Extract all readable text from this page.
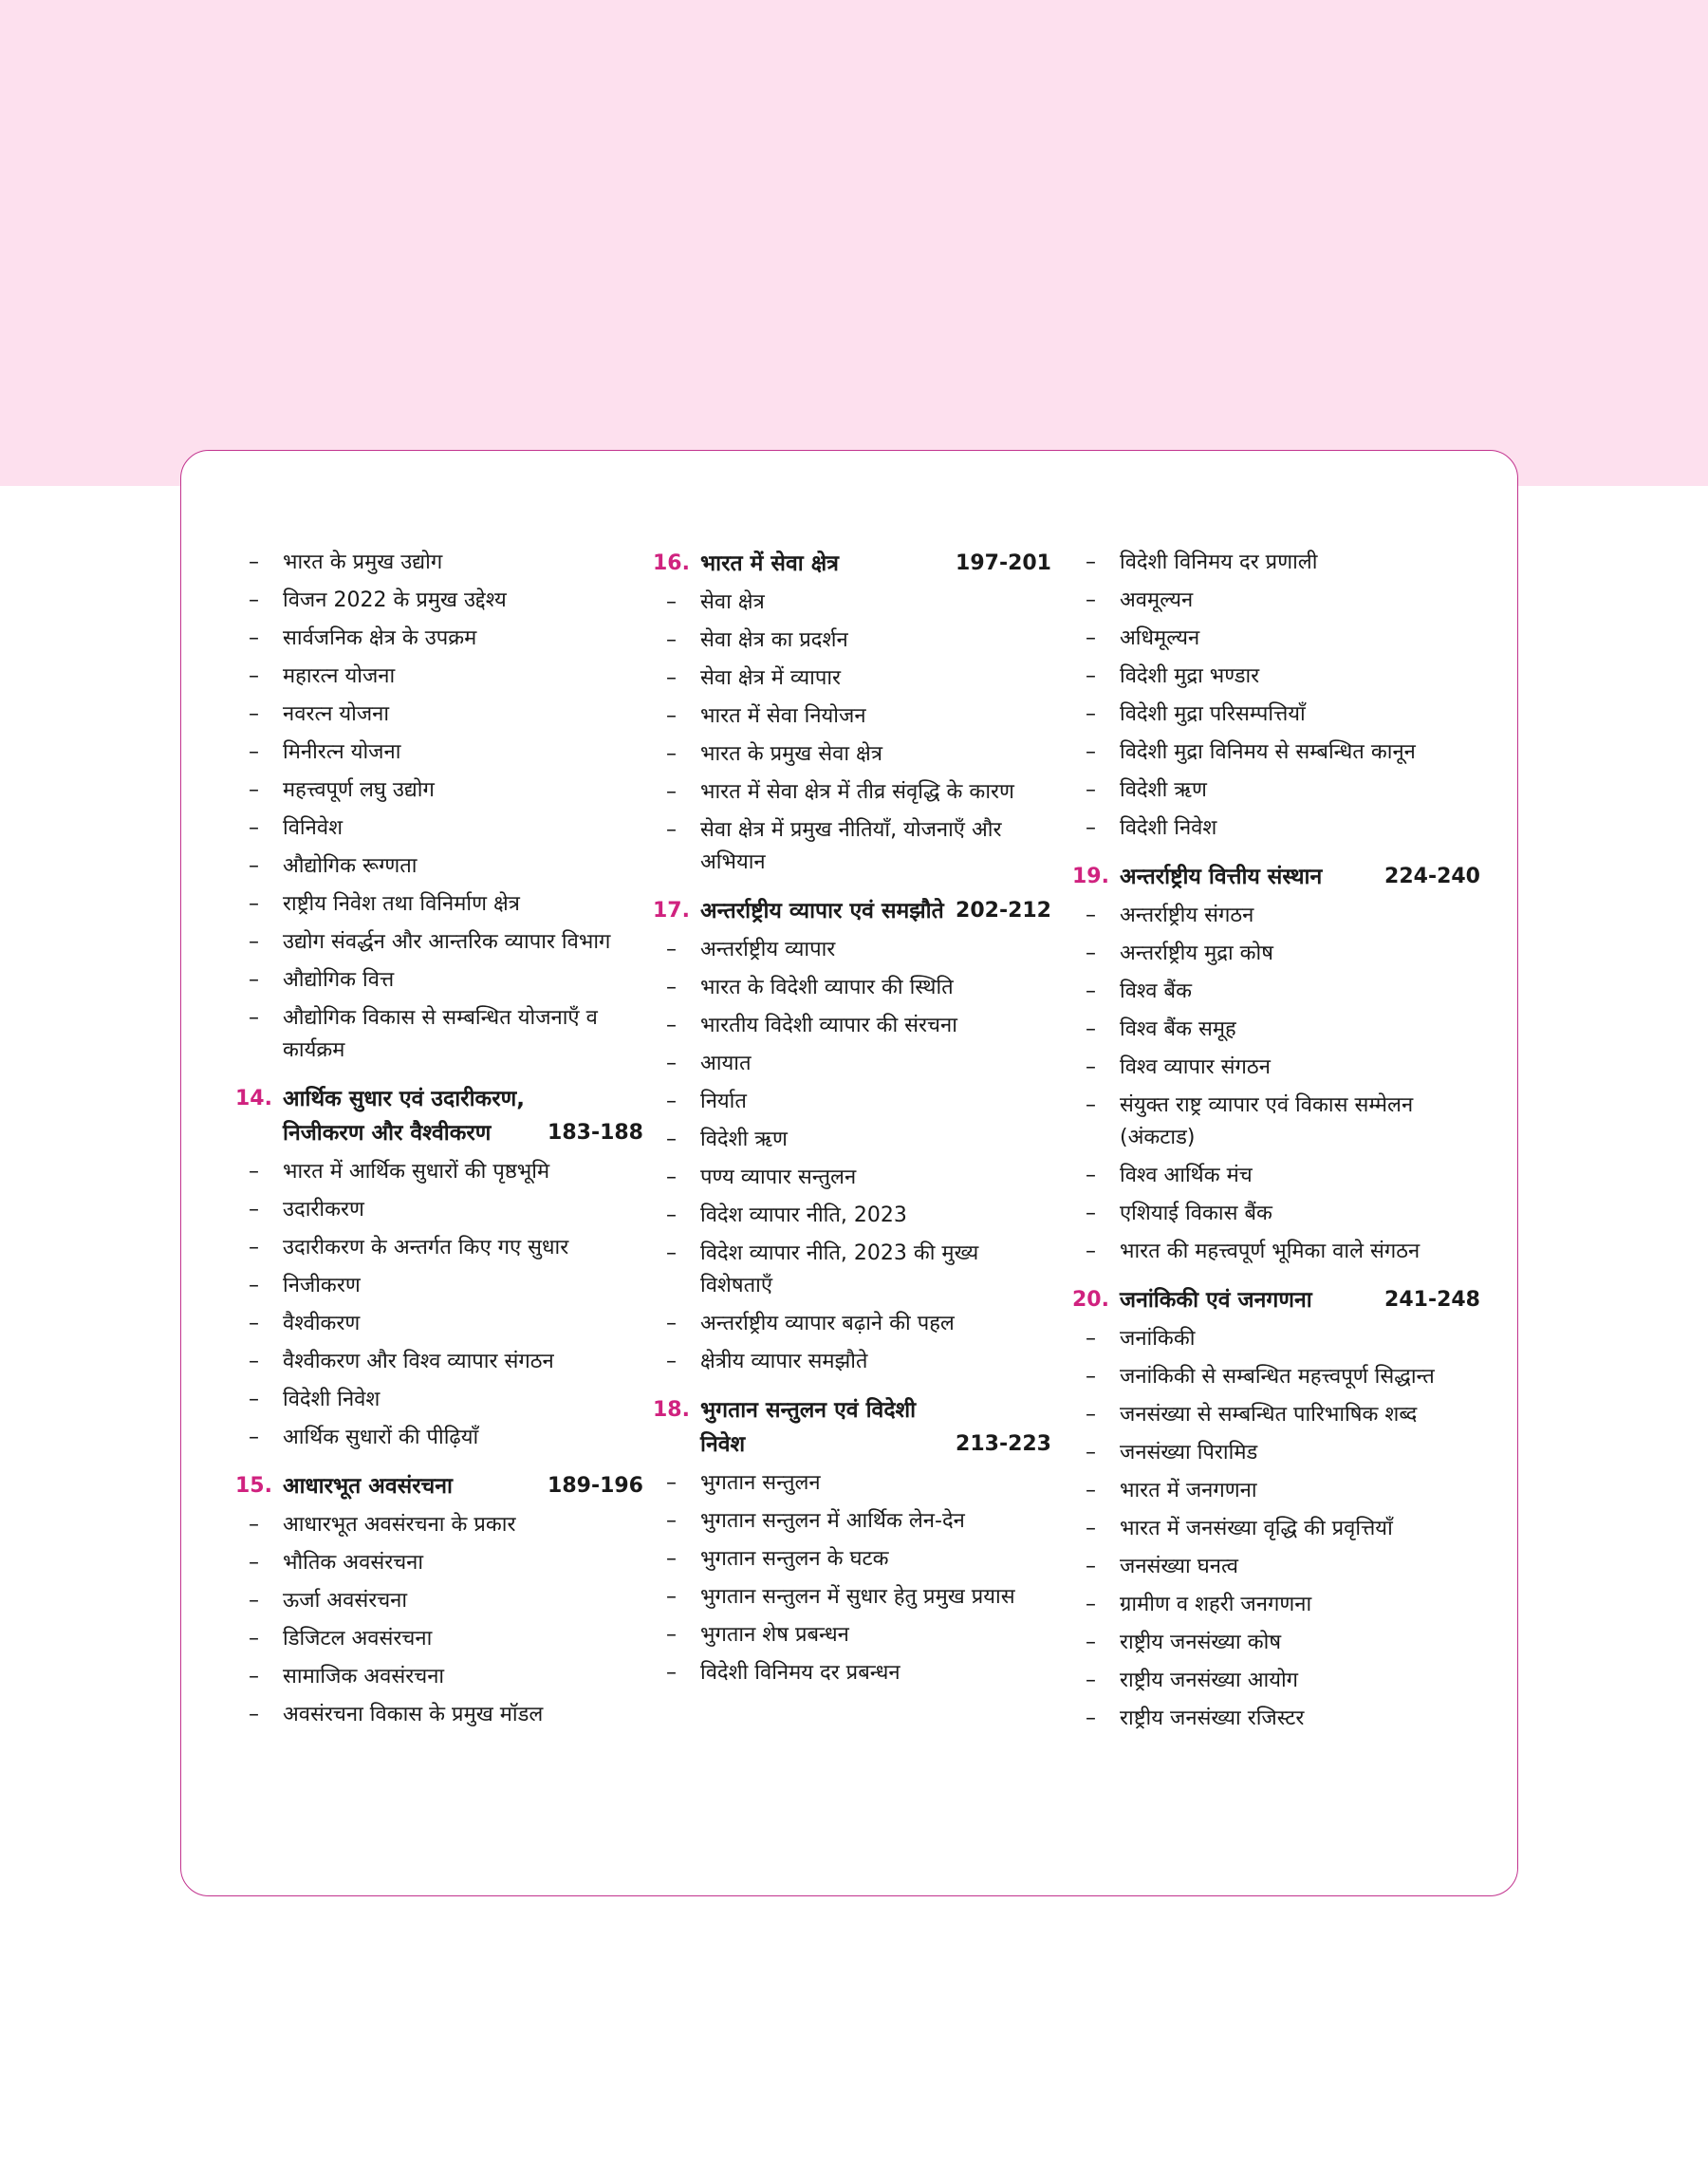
– भारत के प्रमुख उद्योग
– विजन 2022 के प्रमुख उद्देश्य
– सार्वजनिक क्षेत्र के उपक्रम
– महारत्न योजना
– नवरत्न योजना
– मिनीरत्न योजना
– महत्त्वपूर्ण लघु उद्योग
– विनिवेश
– औद्योगिक रूग्णता
– राष्ट्रीय निवेश तथा विनिर्माण क्षेत्र
– उद्योग संवर्द्धन और आन्तरिक व्यापार विभाग
– औद्योगिक वित्त
– औद्योगिक विकास से सम्बन्धित योजनाएँ व कार्यक्रम
14. आर्थिक सुधार एवं उदारीकरण, निजीकरण और वैश्वीकरण	183-188
– भारत में आर्थिक सुधारों की पृष्ठभूमि
– उदारीकरण
– उदारीकरण के अन्तर्गत किए गए सुधार
– निजीकरण
– वैश्वीकरण
– वैश्वीकरण और विश्व व्यापार संगठन
– विदेशी निवेश
– आर्थिक सुधारों की पीढ़ियाँ
15. आधारभूत अवसंरचना	189-196
– आधारभूत अवसंरचना के प्रकार
– भौतिक अवसंरचना
– ऊर्जा अवसंरचना
– डिजिटल अवसंरचना
– सामाजिक अवसंरचना
– अवसंरचना विकास के प्रमुख मॉडल
16. भारत में सेवा क्षेत्र	197-201
– सेवा क्षेत्र
– सेवा क्षेत्र का प्रदर्शन
– सेवा क्षेत्र में व्यापार
– भारत में सेवा नियोजन
– भारत के प्रमुख सेवा क्षेत्र
– भारत में सेवा क्षेत्र में तीव्र संवृद्धि के कारण
– सेवा क्षेत्र में प्रमुख नीतियाँ, योजनाएँ और अभियान
17. अन्तर्राष्ट्रीय व्यापार एवं समझौते 202-212
– अन्तर्राष्ट्रीय व्यापार
– भारत के विदेशी व्यापार की स्थिति
– भारतीय विदेशी व्यापार की संरचना
– आयात
– निर्यात
– विदेशी ऋण
– पण्य व्यापार सन्तुलन
– विदेश व्यापार नीति, 2023
– विदेश व्यापार नीति, 2023 की मुख्य विशेषताएँ
– अन्तर्राष्ट्रीय व्यापार बढ़ाने की पहल
– क्षेत्रीय व्यापार समझौते
18. भुगतान सन्तुलन एवं विदेशी निवेश	213-223
– भुगतान सन्तुलन
– भुगतान सन्तुलन में आर्थिक लेन-देन
– भुगतान सन्तुलन के घटक
– भुगतान सन्तुलन में सुधार हेतु प्रमुख प्रयास
– भुगतान शेष प्रबन्धन
– विदेशी विनिमय दर प्रबन्धन
– विदेशी विनिमय दर प्रणाली
– अवमूल्यन
– अधिमूल्यन
– विदेशी मुद्रा भण्डार
– विदेशी मुद्रा परिसम्पत्तियाँ
– विदेशी मुद्रा विनिमय से सम्बन्धित कानून
– विदेशी ऋण
– विदेशी निवेश
19. अन्तर्राष्ट्रीय वित्तीय संस्थान	224-240
– अन्तर्राष्ट्रीय संगठन
– अन्तर्राष्ट्रीय मुद्रा कोष
– विश्व बैंक
– विश्व बैंक समूह
– विश्व व्यापार संगठन
– संयुक्त राष्ट्र व्यापार एवं विकास सम्मेलन (अंकटाड)
– विश्व आर्थिक मंच
– एशियाई विकास बैंक
– भारत की महत्त्वपूर्ण भूमिका वाले संगठन
20. जनांकिकी एवं जनगणना	241-248
– जनांकिकी
– जनांकिकी से सम्बन्धित महत्त्वपूर्ण सिद्धान्त
– जनसंख्या से सम्बन्धित पारिभाषिक शब्द
– जनसंख्या पिरामिड
– भारत में जनगणना
– भारत में जनसंख्या वृद्धि की प्रवृत्तियाँ
– जनसंख्या घनत्व
– ग्रामीण व शहरी जनगणना
– राष्ट्रीय जनसंख्या कोष
– राष्ट्रीय जनसंख्या आयोग
– राष्ट्रीय जनसंख्या रजिस्टर
